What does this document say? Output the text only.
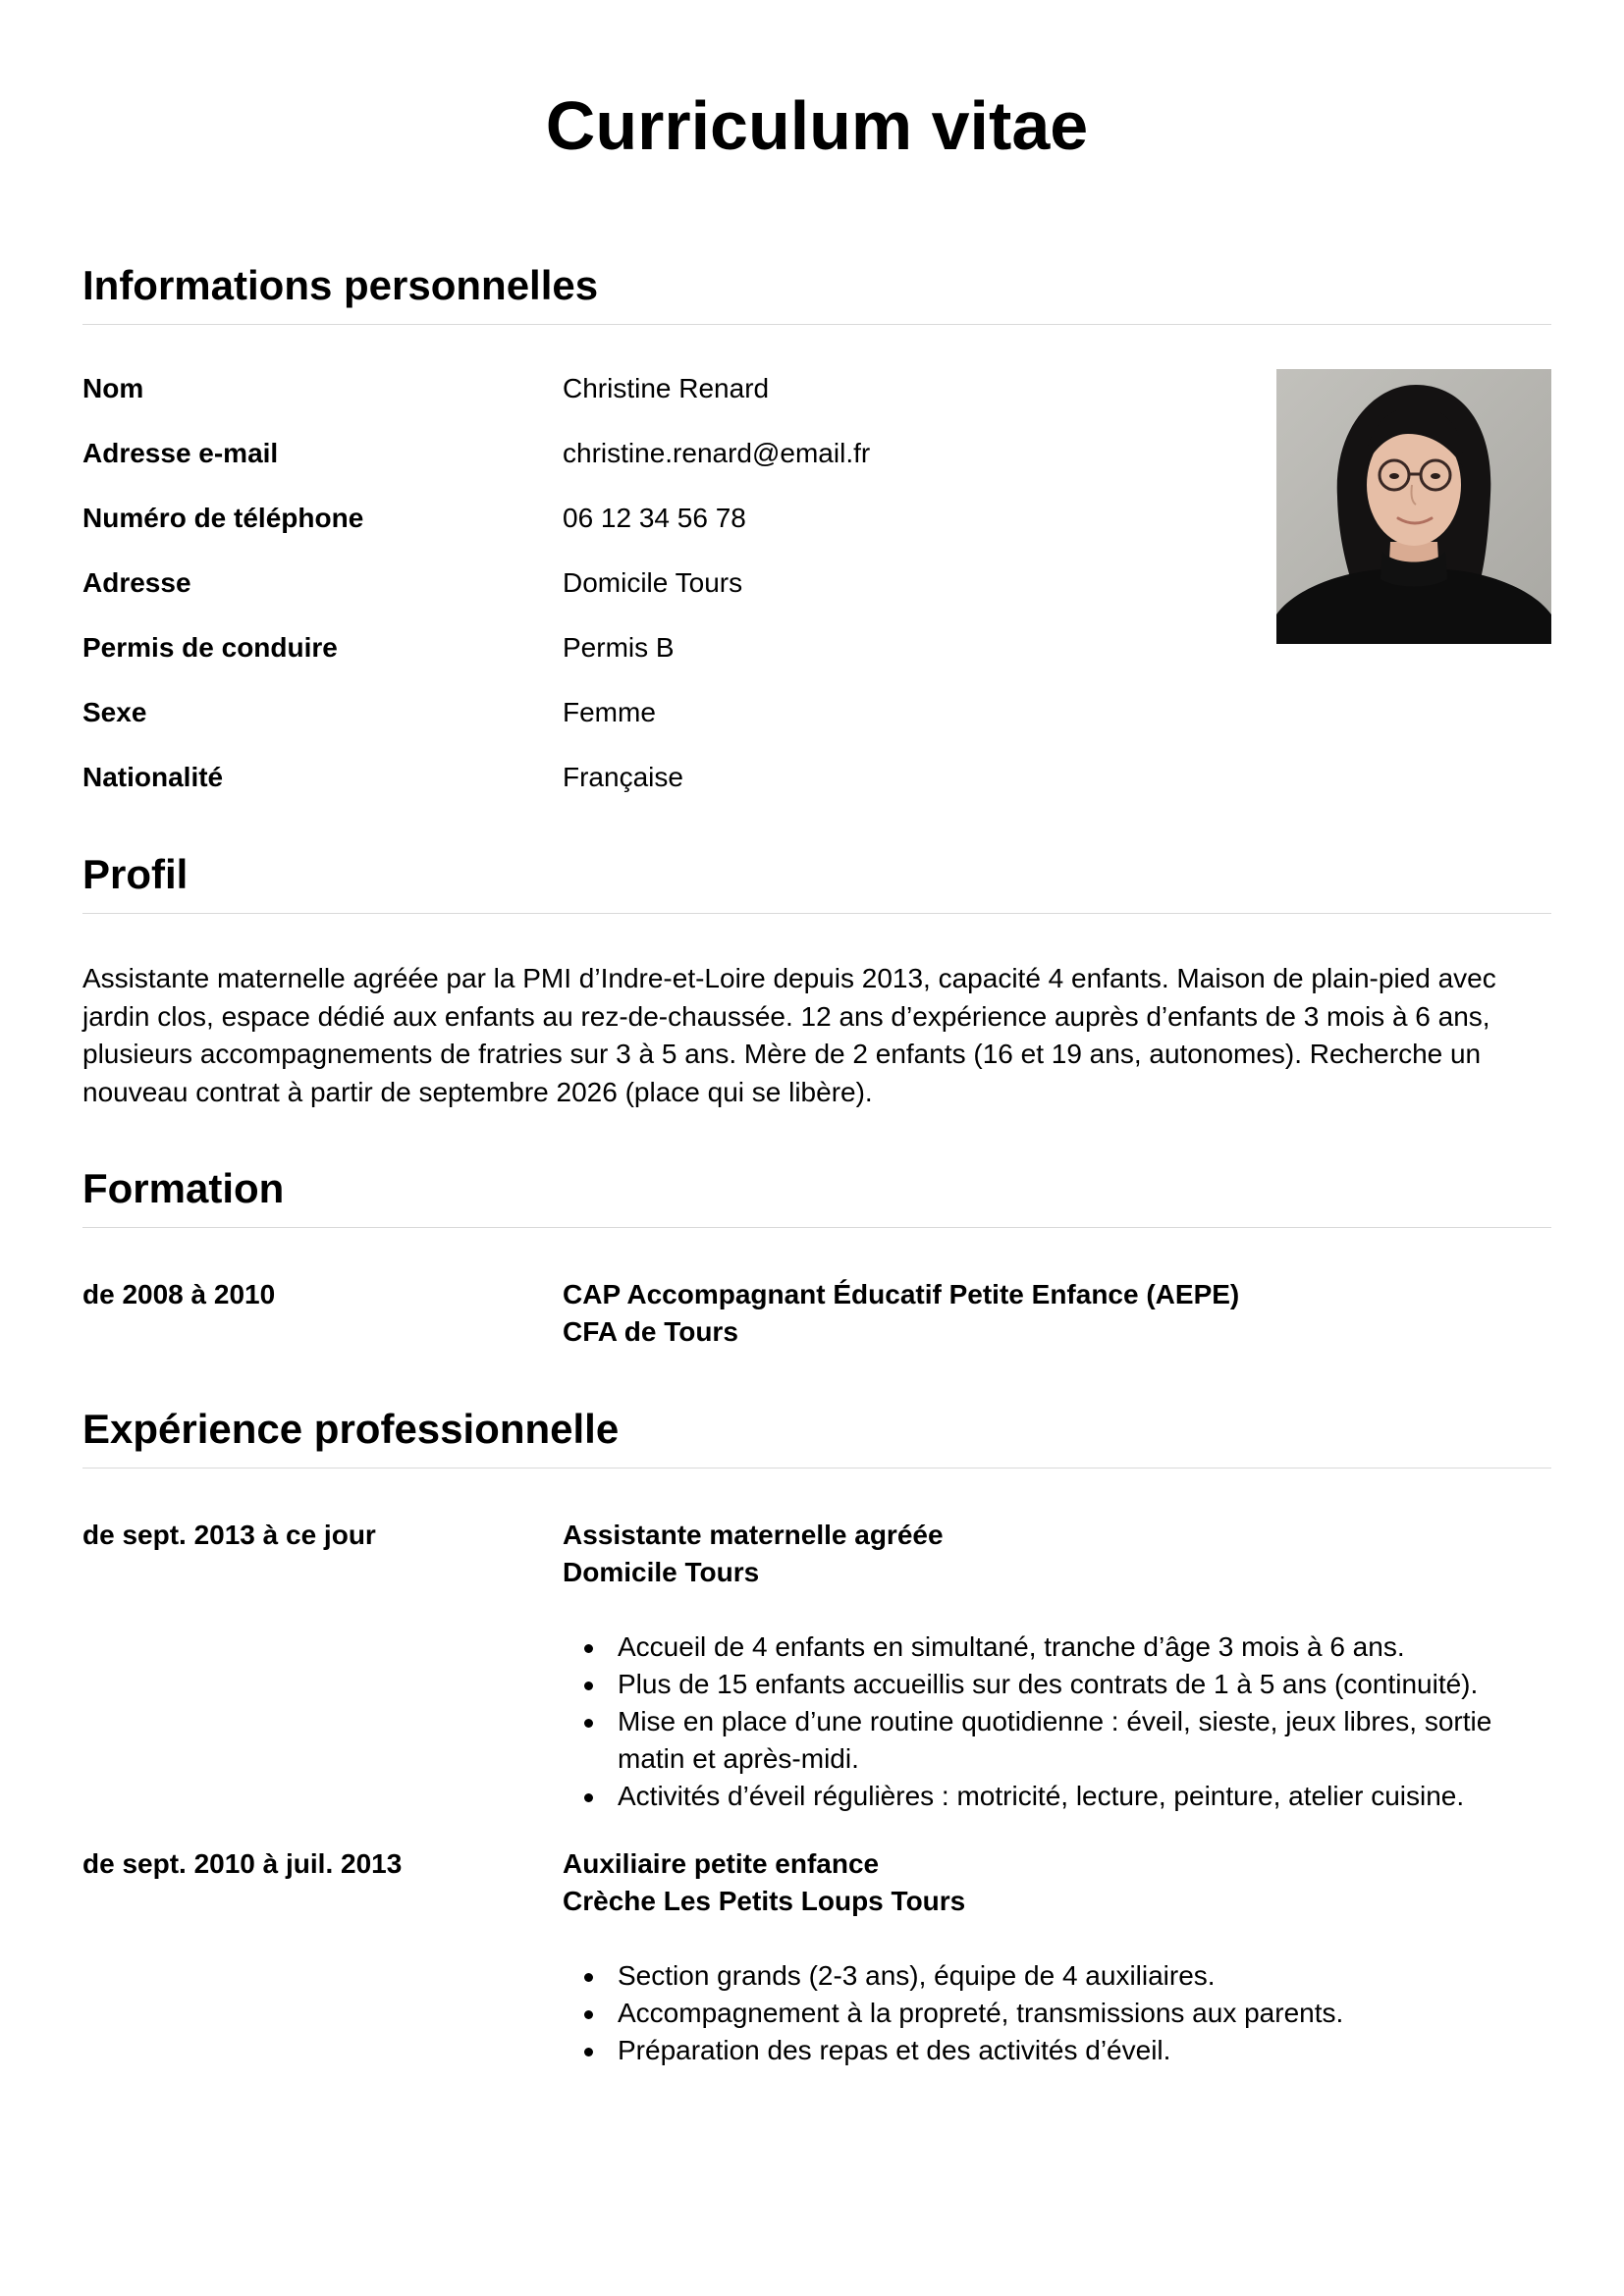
Curriculum vitae
Informations personnelles
Nom	Christine Renard
Adresse e-mail	christine.renard@email.fr
Numéro de téléphone	06 12 34 56 78
Adresse	Domicile Tours
Permis de conduire	Permis B
Sexe	Femme
Nationalité	Française
Profil

Assistante maternelle agréée par la PMI d’Indre-et-Loire depuis 2013, capacité 4 enfants. Maison de plain-pied avec jardin clos, espace dédié aux enfants au rez-de-chaussée. 12 ans d’expérience auprès d’enfants de 3 mois à 6 ans, plusieurs accompagnements de fratries sur 3 à 5 ans. Mère de 2 enfants (16 et 19 ans, autonomes). Recherche un nouveau contrat à partir de septembre 2026 (place qui se libère).

Formation
de 2008 à 2010	CAP Accompagnant Éducatif Petite Enfance (AEPE)
CFA de Tours
Expérience professionnelle
de sept. 2013 à ce jour	Assistante maternelle agréée
Domicile Tours
Accueil de 4 enfants en simultané, tranche d’âge 3 mois à 6 ans.
Plus de 15 enfants accueillis sur des contrats de 1 à 5 ans (continuité).
Mise en place d’une routine quotidienne : éveil, sieste, jeux libres, sortie matin et après-midi.
Activités d’éveil régulières : motricité, lecture, peinture, atelier cuisine.
de sept. 2010 à juil. 2013	Auxiliaire petite enfance
Crèche Les Petits Loups Tours
Section grands (2-3 ans), équipe de 4 auxiliaires.
Accompagnement à la propreté, transmissions aux parents.
Préparation des repas et des activités d’éveil.
